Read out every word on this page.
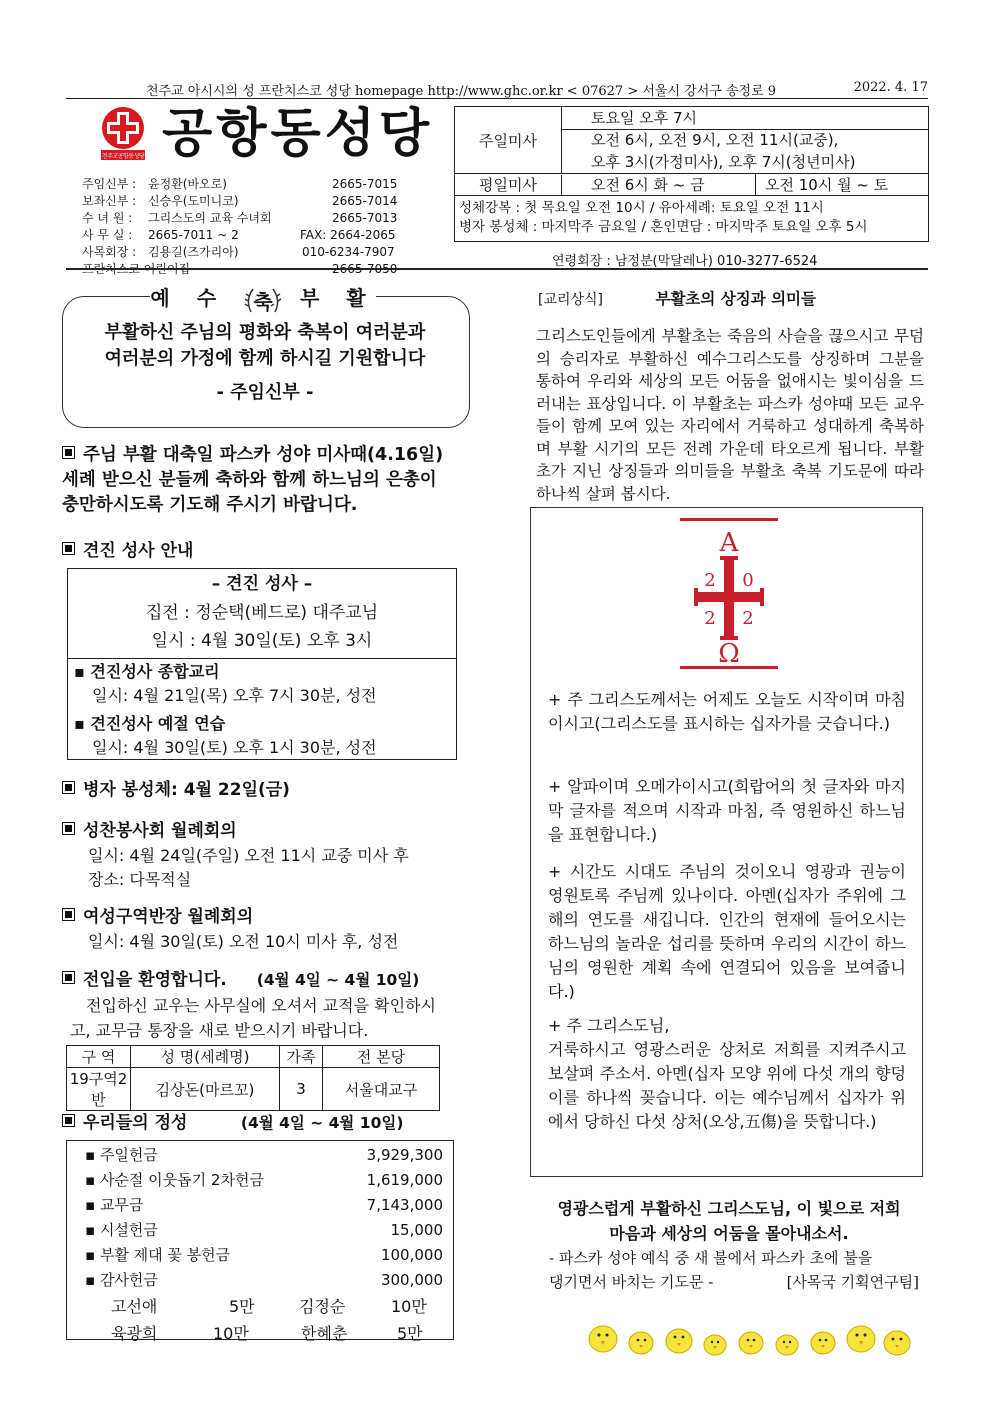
천주교 아시시의 성 프란치스코 성당 homepage http://www.ghc.or.kr < 07627 > 서울시 강서구 송정로 9	2022. 4. 17
천주교공항동성당 공항동성당
주임신부 : 윤정환(바오로)	2665-7015
보좌신부 : 신승우(도미니코)	2665-7014
수 녀 원 : 그리스도의 교육 수녀회	2665-7013
사 무 실 : 2665-7011 ~ 2	FAX: 2664-2065
사목회장 : 김용길(즈가리아)	010-6234-7907
프란치스코 어린이집	2665-7050
주일미사
토요일 오후 7시
오전 6시, 오전 9시, 오전 11시(교중),
오후 3시(가정미사), 오후 7시(청년미사)
평일미사	오전 6시 화 ~ 금	오전 10시 월 ~ 토
성체강복 : 첫 목요일 오전 10시 / 유아세례: 토요일 오전 11시
병자 봉성체 : 마지막주 금요일 / 혼인면담 : 마지막주 토요일 오후 5시
연령회장 : 남정분(막달레나) 010-3277-6524
예 수	축	부 활
부활하신 주님의 평화와 축복이 여러분과
여러분의 가정에 함께 하시길 기원합니다
- 주임신부 -
주님 부활 대축일 파스카 성야 미사때(4.16일)
세례 받으신 분들께 축하와 함께 하느님의 은총이
충만하시도록 기도해 주시기 바랍니다.
견진 성사 안내
– 견진 성사 –
집전 : 정순택(베드로) 대주교님
일시 : 4월 30일(토) 오후 3시
▪ 견진성사 종합교리
일시: 4월 21일(목) 오후 7시 30분, 성전
▪ 견진성사 예절 연습
일시: 4월 30일(토) 오후 1시 30분, 성전
병자 봉성체: 4월 22일(금)
성찬봉사회 월례회의
일시: 4월 24일(주일) 오전 11시 교중 미사 후
장소: 다목적실
여성구역반장 월례회의
일시: 4월 30일(토) 오전 10시 미사 후, 성전
전입을 환영합니다. (4월 4일 ~ 4월 10일)
전입하신 교우는 사무실에 오셔서 교적을 확인하시
고, 교무금 통장을 새로 받으시기 바랍니다.
구 역	성 명(세례명)	가족	전 본당
19구역2반	김상돈(마르꼬)	3	서울대교구
우리들의 정성	(4월 4일 ~ 4월 10일)
▪ 주일헌금	3,929,300
▪ 사순절 이웃돕기 2차헌금	1,619,000
▪ 교무금	7,143,000
▪ 시설헌금	15,000
▪ 부활 제대 꽃 봉헌금	100,000
▪ 감사헌금	300,000
고선애	5만	김정순	10만
육광희	10만	한혜춘	5만
[교리상식]	부활초의 상징과 의미들
그리스도인들에게 부활초는 죽음의 사슬을 끊으시고 무덤의 승리자로 부활하신 예수그리스도를 상징하며 그분을 통하여 우리와 세상의 모든 어둠을 없애시는 빛이심을 드러내는 표상입니다. 이 부활초는 파스카 성야때 모든 교우들이 함께 모여 있는 자리에서 거룩하고 성대하게 축복하며 부활 시기의 모든 전례 가운데 타오르게 됩니다. 부활초가 지닌 상징들과 의미들을 부활초 축복 기도문에 따라 하나씩 살펴 봅시다.
A
2 0
2 2
Ω
+ 주 그리스도께서는 어제도 오늘도 시작이며 마침이시고(그리스도를 표시하는 십자가를 긋습니다.)
+ 알파이며 오메가이시고(희랍어의 첫 글자와 마지막 글자를 적으며 시작과 마침, 즉 영원하신 하느님을 표현합니다.)
+ 시간도 시대도 주님의 것이오니 영광과 권능이 영원토록 주님께 있나이다. 아멘(십자가 주위에 그해의 연도를 새깁니다. 인간의 현재에 들어오시는 하느님의 놀라운 섭리를 뜻하며 우리의 시간이 하느님의 영원한 계획 속에 연결되어 있음을 보여줍니다.)
+ 주 그리스도님,
거룩하시고 영광스러운 상처로 저희를 지켜주시고 보살펴 주소서. 아멘(십자 모양 위에 다섯 개의 향덩이를 하나씩 꽂습니다. 이는 예수님께서 십자가 위에서 당하신 다섯 상처(오상,五傷)을 뜻합니다.)
영광스럽게 부활하신 그리스도님, 이 빛으로 저희
마음과 세상의 어둠을 몰아내소서.
- 파스카 성야 예식 중 새 불에서 파스카 초에 불을
댕기면서 바치는 기도문 -	[사목국 기획연구팀]
